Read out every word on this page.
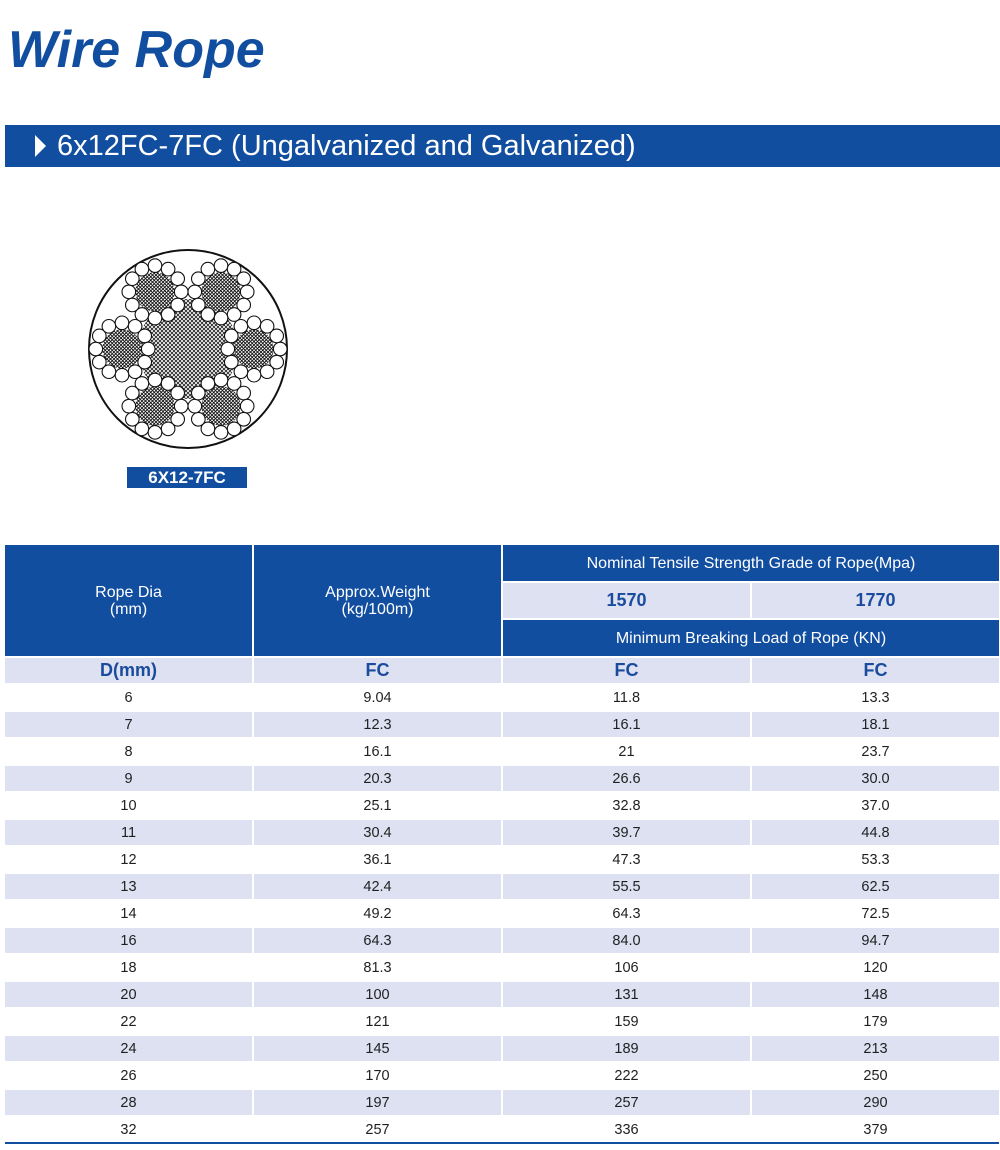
Wire Rope
6x12FC-7FC (Ungalvanized and Galvanized)
6X12-7FC
Rope Dia
(mm)
Approx.Weight
(kg/100m)
Nominal Tensile Strength Grade of Rope(Mpa)
1570	1770
Minimum Breaking Load of Rope (KN)
D(mm)	FC	FC	FC
6	9.04	11.8	13.3
7	12.3	16.1	18.1
8	16.1	21	23.7
9	20.3	26.6	30.0
10	25.1	32.8	37.0
11	30.4	39.7	44.8
12	36.1	47.3	53.3
13	42.4	55.5	62.5
14	49.2	64.3	72.5
16	64.3	84.0	94.7
18	81.3	106	120
20	100	131	148
22	121	159	179
24	145	189	213
26	170	222	250
28	197	257	290
32	257	336	379
